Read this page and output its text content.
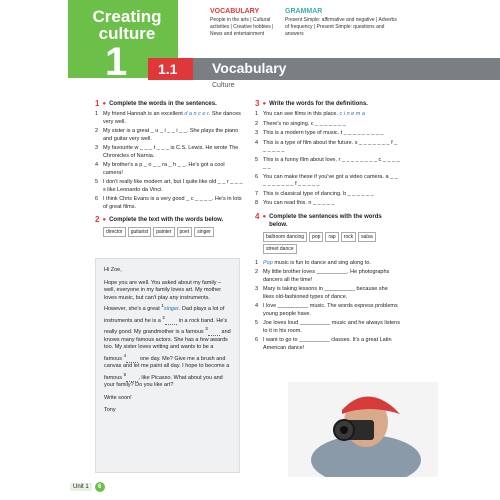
Creating culture
1
VOCABULARY
People in the arts | Cultural activities | Creative hobbies | News and entertainment
GRAMMAR
Present Simple: affirmative and negative | Adverbs of frequency | Present Simple: questions and answers
1.1 Vocabulary
Culture
1 ● Complete the words in the sentences.
1 My friend Hannah is an excellent d a n c e r. She dances very well.
2 My sister is a great _ u _ i _ _ i _ _. She plays the piano and guitar very well.
3 My favourite w _ _ _ t _ _ _ is C.S. Lewis. He wrote The Chronicles of Narnia.
4 My brother's a p _ o _ _ ra _ h _ _. He's got a cool camera!
5 I don't really like modern art, but I quite like old _ _ r _ _ _ s like Leonardo da Vinci.
6 I think Chris Evans is a very good _ c _ _ _ _. He's in lots of great films.
2 ● Complete the text with the words below.
director	guitarist	painter	poet	singer

Hi Zoe,

Hope you are well. You asked about my family – well, everyone in my family loves art. My mother loves music, but can't play any instruments. However, she's a great $^1$singer. Dad plays a lot of instruments and he is a $^2$         in a rock band. He's really good. My grandmother is a famous $^3$         and knows many famous actors. She has a few awards too. My sister loves writing and wants to be a famous $^4$         one day. Me? Give me a brush and canvas and let me paint all day. I hope to become a famous $^5$        , like Picasso. What about you and your family? Do you like art?

Write soon!

Tony

3 ● Write the words for the definitions.
1 You can see films in this place. c i n e m a
2 There's no singing. c _ _ _ _ _ _ _
3 This is a modern type of music. t _ _ _ _ _ _ _ _ _
4 This is a type of film about the future. s _ _ _ _ _ _ _ f _ _ _ _ _ _
5 This is a funny film about love. r _ _ _ _ _ _ _ _ c _ _ _ _ _ _
6 You can make these if you've got a video camera. a _ _ _ _ _ _ _ _ _ f _ _ _ _ _
7 This is classical type of dancing. b _ _ _ _ _ _
8 You can read this. n _ _ _ _ _
4 ● Complete the sentences with the words below.
ballroom dancing	pop	rap	rock	salsa
street dance
1 Pop music is fun to dance and sing along to.
2 My little brother loves __________. He photographs dancers all the time!
3 Mary is taking lessons in __________ because she likes old-fashioned types of dance.
4 I love __________ music. The words express problems young people have.
5 Joe loves loud __________ music and he always listens to it in his room.
6 I want to go to __________ classes. It's a great Latin American dance!
Unit 1	6
